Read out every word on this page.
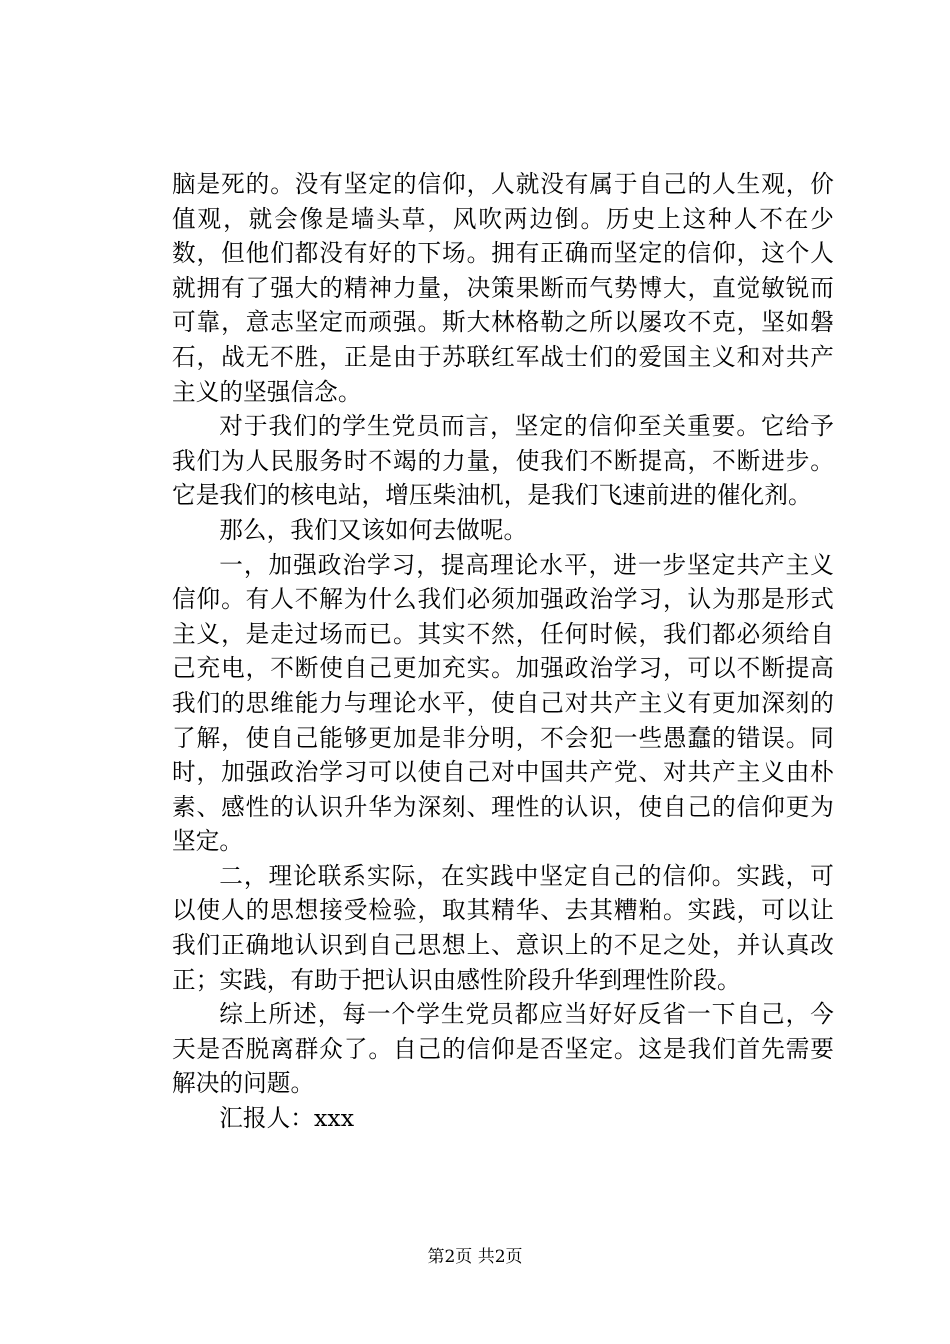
脑是死的。没有坚定的信仰，人就没有属于自己的人生观，价值观，就会像是墙头草，风吹两边倒。历史上这种人不在少数，但他们都没有好的下场。拥有正确而坚定的信仰，这个人就拥有了强大的精神力量，决策果断而气势博大，直觉敏锐而可靠，意志坚定而顽强。斯大林格勒之所以屡攻不克，坚如磐石，战无不胜，正是由于苏联红军战士们的爱国主义和对共产主义的坚强信念。

对于我们的学生党员而言，坚定的信仰至关重要。它给予我们为人民服务时不竭的力量，使我们不断提高，不断进步。它是我们的核电站，增压柴油机，是我们飞速前进的催化剂。

那么，我们又该如何去做呢。

一，加强政治学习，提高理论水平，进一步坚定共产主义信仰。有人不解为什么我们必须加强政治学习，认为那是形式主义，是走过场而已。其实不然，任何时候，我们都必须给自己充电，不断使自己更加充实。加强政治学习，可以不断提高我们的思维能力与理论水平，使自己对共产主义有更加深刻的了解，使自己能够更加是非分明，不会犯一些愚蠢的错误。同时，加强政治学习可以使自己对中国共产党、对共产主义由朴素、感性的认识升华为深刻、理性的认识，使自己的信仰更为坚定。

二，理论联系实际，在实践中坚定自己的信仰。实践，可以使人的思想接受检验，取其精华、去其糟粕。实践，可以让我们正确地认识到自己思想上、意识上的不足之处，并认真改正；实践，有助于把认识由感性阶段升华到理性阶段。

综上所述，每一个学生党员都应当好好反省一下自己，今天是否脱离群众了。自己的信仰是否坚定。这是我们首先需要解决的问题。

汇报人：xxx

第2页 共2页
